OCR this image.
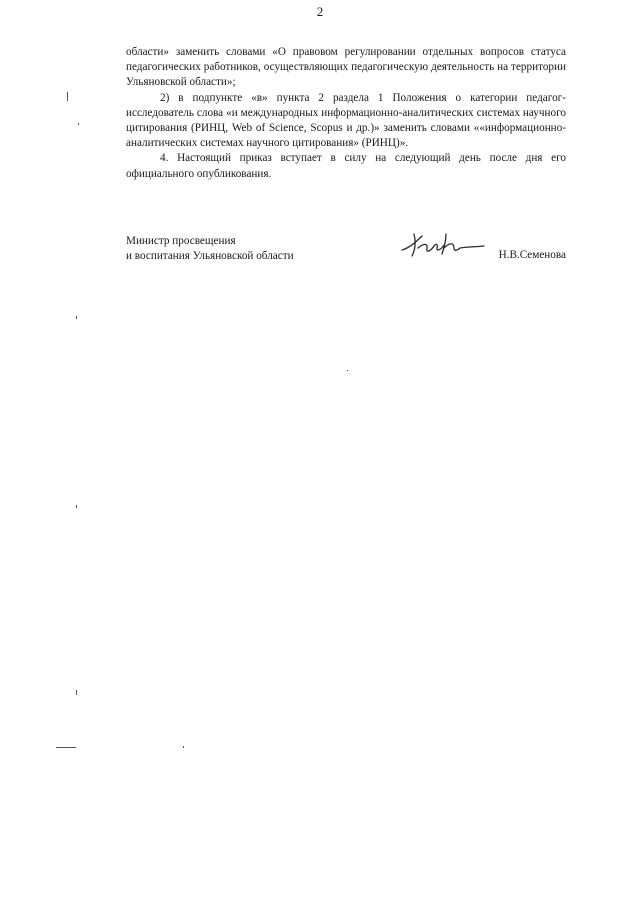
2

области» заменить словами «О правовом регулировании отдельных вопросов статуса педагогических работников, осуществляющих педагогическую деятельность на территории Ульяновской области»;

2) в подпункте «в» пункта 2 раздела 1 Положения о категории педагог-исследователь слова «и международных информационно-аналитических системах научного цитирования (РИНЦ, Web of Science, Scopus и др.)» заменить словами ««информационно-аналитических системах научного цитирования» (РИНЦ)».

4. Настоящий приказ вступает в силу на следующий день после дня его официального опубликования.

Министр просвещения
и воспитания Ульяновской области	Н.В.Семенова
